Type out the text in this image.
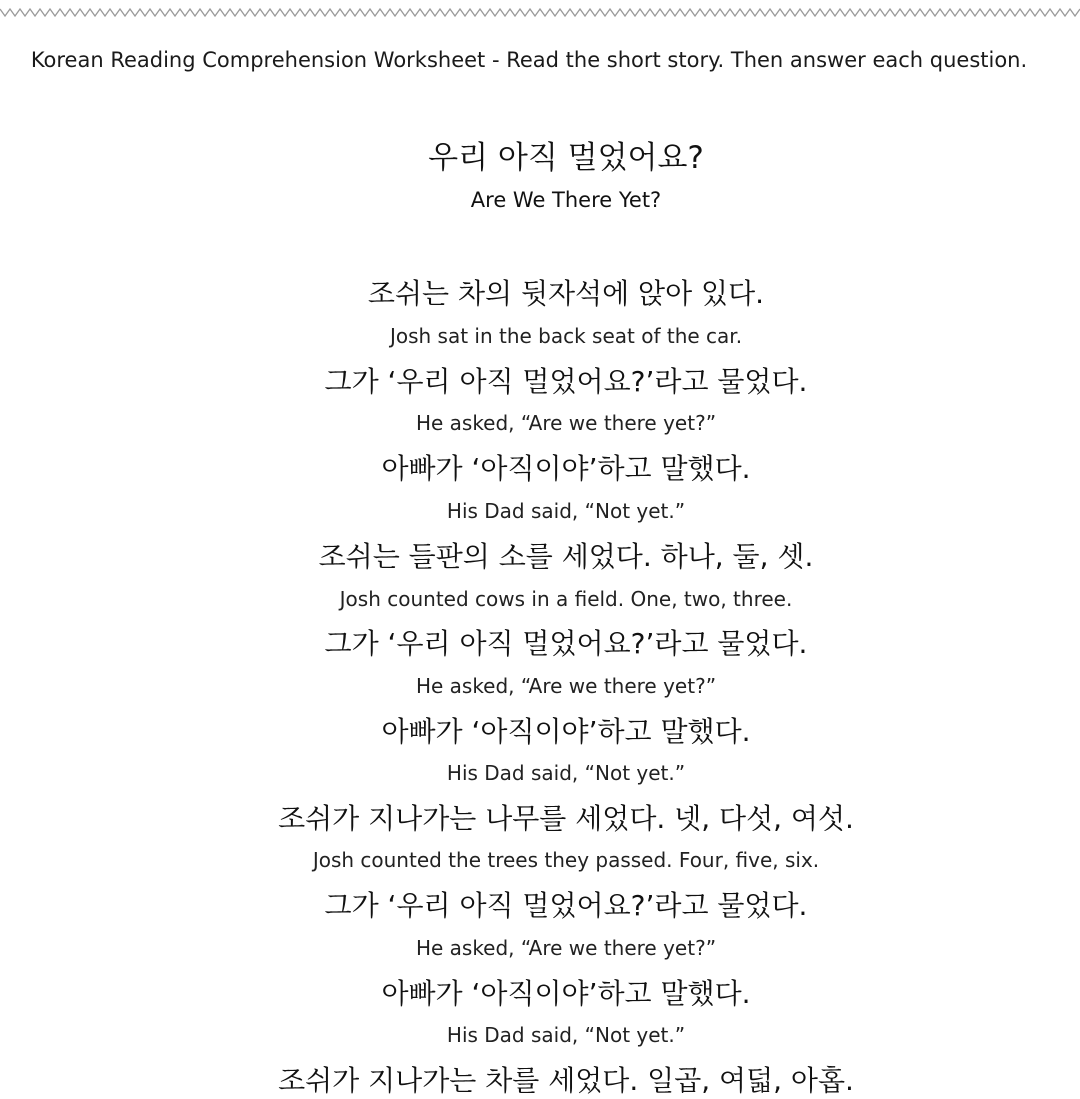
Korean Reading Comprehension Worksheet - Read the short story. Then answer each question.
우리 아직 멀었어요?
Are We There Yet?
조쉬는 차의 뒷자석에 앉아 있다.
Josh sat in the back seat of the car.
그가 ‘우리 아직 멀었어요?’라고 물었다.
He asked, “Are we there yet?”
아빠가 ‘아직이야’하고 말했다.
His Dad said, “Not yet.”
조쉬는 들판의 소를 세었다. 하나, 둘, 셋.
Josh counted cows in a field. One, two, three.
그가 ‘우리 아직 멀었어요?’라고 물었다.
He asked, “Are we there yet?”
아빠가 ‘아직이야’하고 말했다.
His Dad said, “Not yet.”
조쉬가 지나가는 나무를 세었다. 넷, 다섯, 여섯.
Josh counted the trees they passed. Four, five, six.
그가 ‘우리 아직 멀었어요?’라고 물었다.
He asked, “Are we there yet?”
아빠가 ‘아직이야’하고 말했다.
His Dad said, “Not yet.”
조쉬가 지나가는 차를 세었다. 일곱, 여덟, 아홉.
